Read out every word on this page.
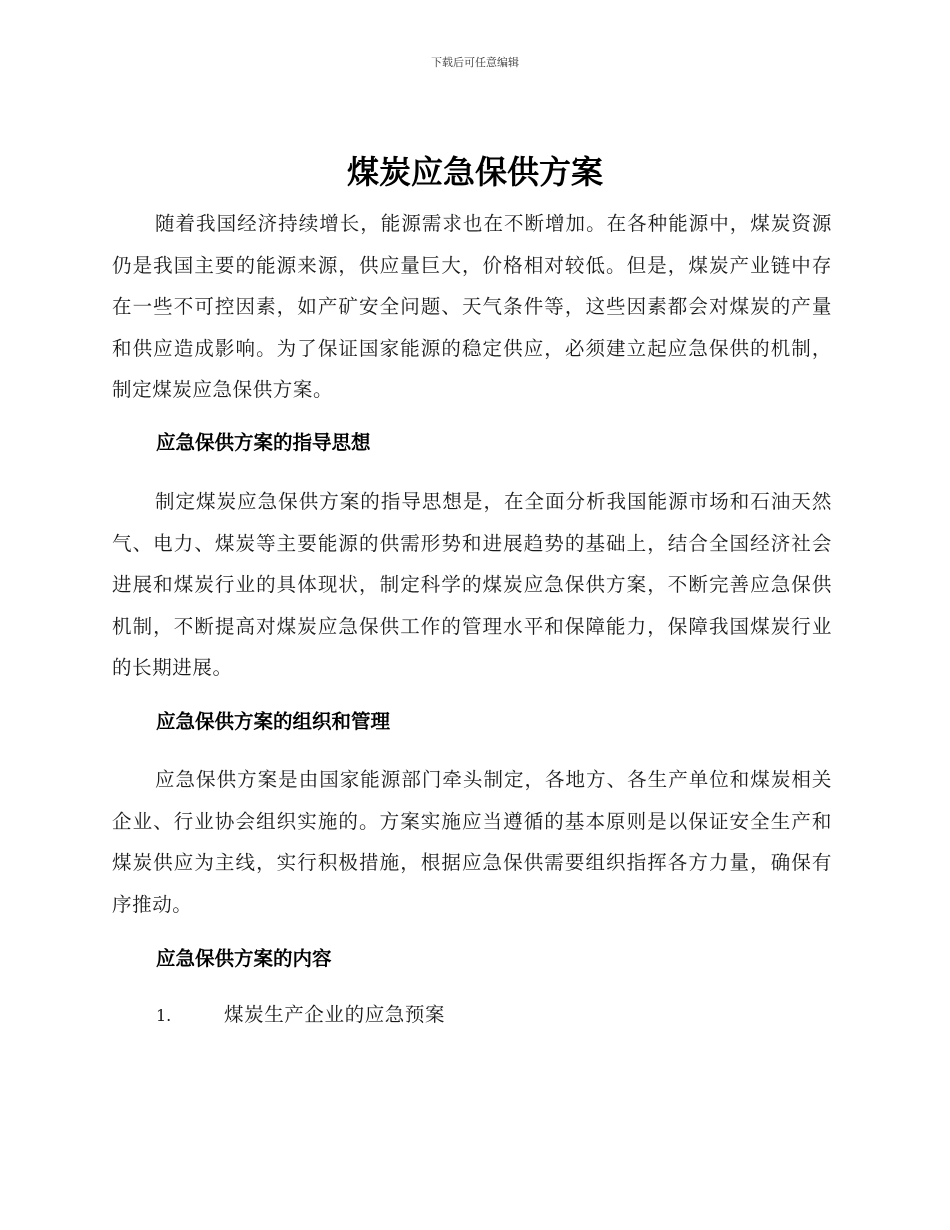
下载后可任意编辑
煤炭应急保供方案

随着我国经济持续增长，能源需求也在不断增加。在各种能源中，煤炭资源仍是我国主要的能源来源，供应量巨大，价格相对较低。但是，煤炭产业链中存在一些不可控因素，如产矿安全问题、天气条件等，这些因素都会对煤炭的产量和供应造成影响。为了保证国家能源的稳定供应，必须建立起应急保供的机制，制定煤炭应急保供方案。

应急保供方案的指导思想

制定煤炭应急保供方案的指导思想是，在全面分析我国能源市场和石油天然气、电力、煤炭等主要能源的供需形势和进展趋势的基础上，结合全国经济社会进展和煤炭行业的具体现状，制定科学的煤炭应急保供方案，不断完善应急保供机制，不断提高对煤炭应急保供工作的管理水平和保障能力，保障我国煤炭行业的长期进展。

应急保供方案的组织和管理

应急保供方案是由国家能源部门牵头制定，各地方、各生产单位和煤炭相关企业、行业协会组织实施的。方案实施应当遵循的基本原则是以保证安全生产和煤炭供应为主线，实行积极措施，根据应急保供需要组织指挥各方力量，确保有序推动。

应急保供方案的内容
1.	煤炭生产企业的应急预案
